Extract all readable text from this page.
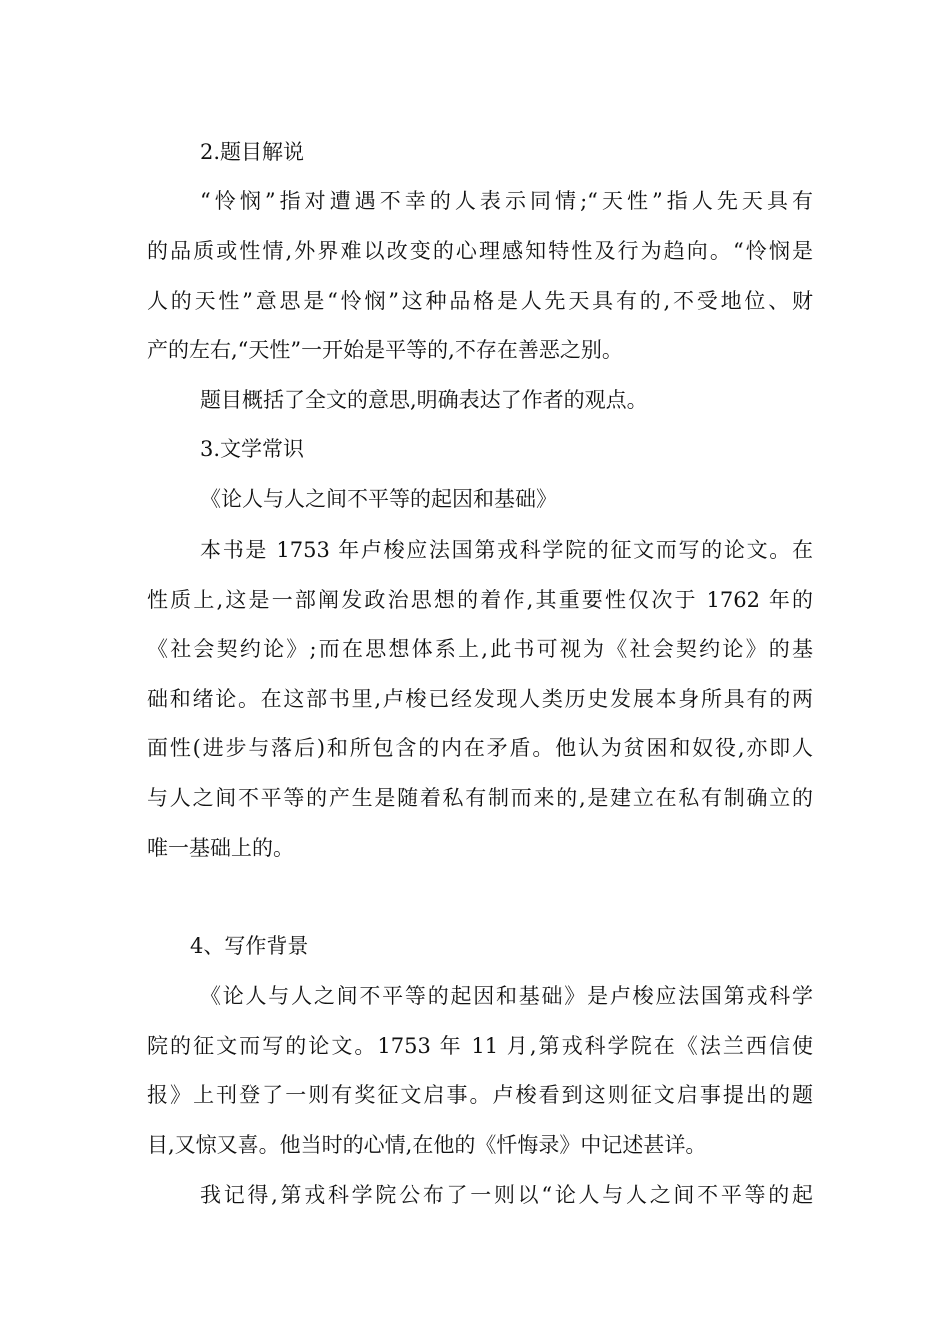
2.题目解说
“怜悯”指对遭遇不幸的人表示同情;“天性”指人先天具有
的品质或性情,外界难以改变的心理感知特性及行为趋向。“怜悯是
人的天性”意思是“怜悯”这种品格是人先天具有的,不受地位、财
产的左右,“天性”一开始是平等的,不存在善恶之别。
题目概括了全文的意思,明确表达了作者的观点。
3.文学常识
《论人与人之间不平等的起因和基础》
本书是 1753 年卢梭应法国第戎科学院的征文而写的论文。在
性质上,这是一部阐发政治思想的着作,其重要性仅次于 1762 年的
《社会契约论》;而在思想体系上,此书可视为《社会契约论》的基
础和绪论。在这部书里,卢梭已经发现人类历史发展本身所具有的两
面性(进步与落后)和所包含的内在矛盾。他认为贫困和奴役,亦即人
与人之间不平等的产生是随着私有制而来的,是建立在私有制确立的
唯一基础上的。
4、写作背景
《论人与人之间不平等的起因和基础》是卢梭应法国第戎科学
院的征文而写的论文。1753 年 11 月,第戎科学院在《法兰西信使
报》上刊登了一则有奖征文启事。卢梭看到这则征文启事提出的题
目,又惊又喜。他当时的心情,在他的《忏悔录》中记述甚详。
我记得,第戎科学院公布了一则以“论人与人之间不平等的起
